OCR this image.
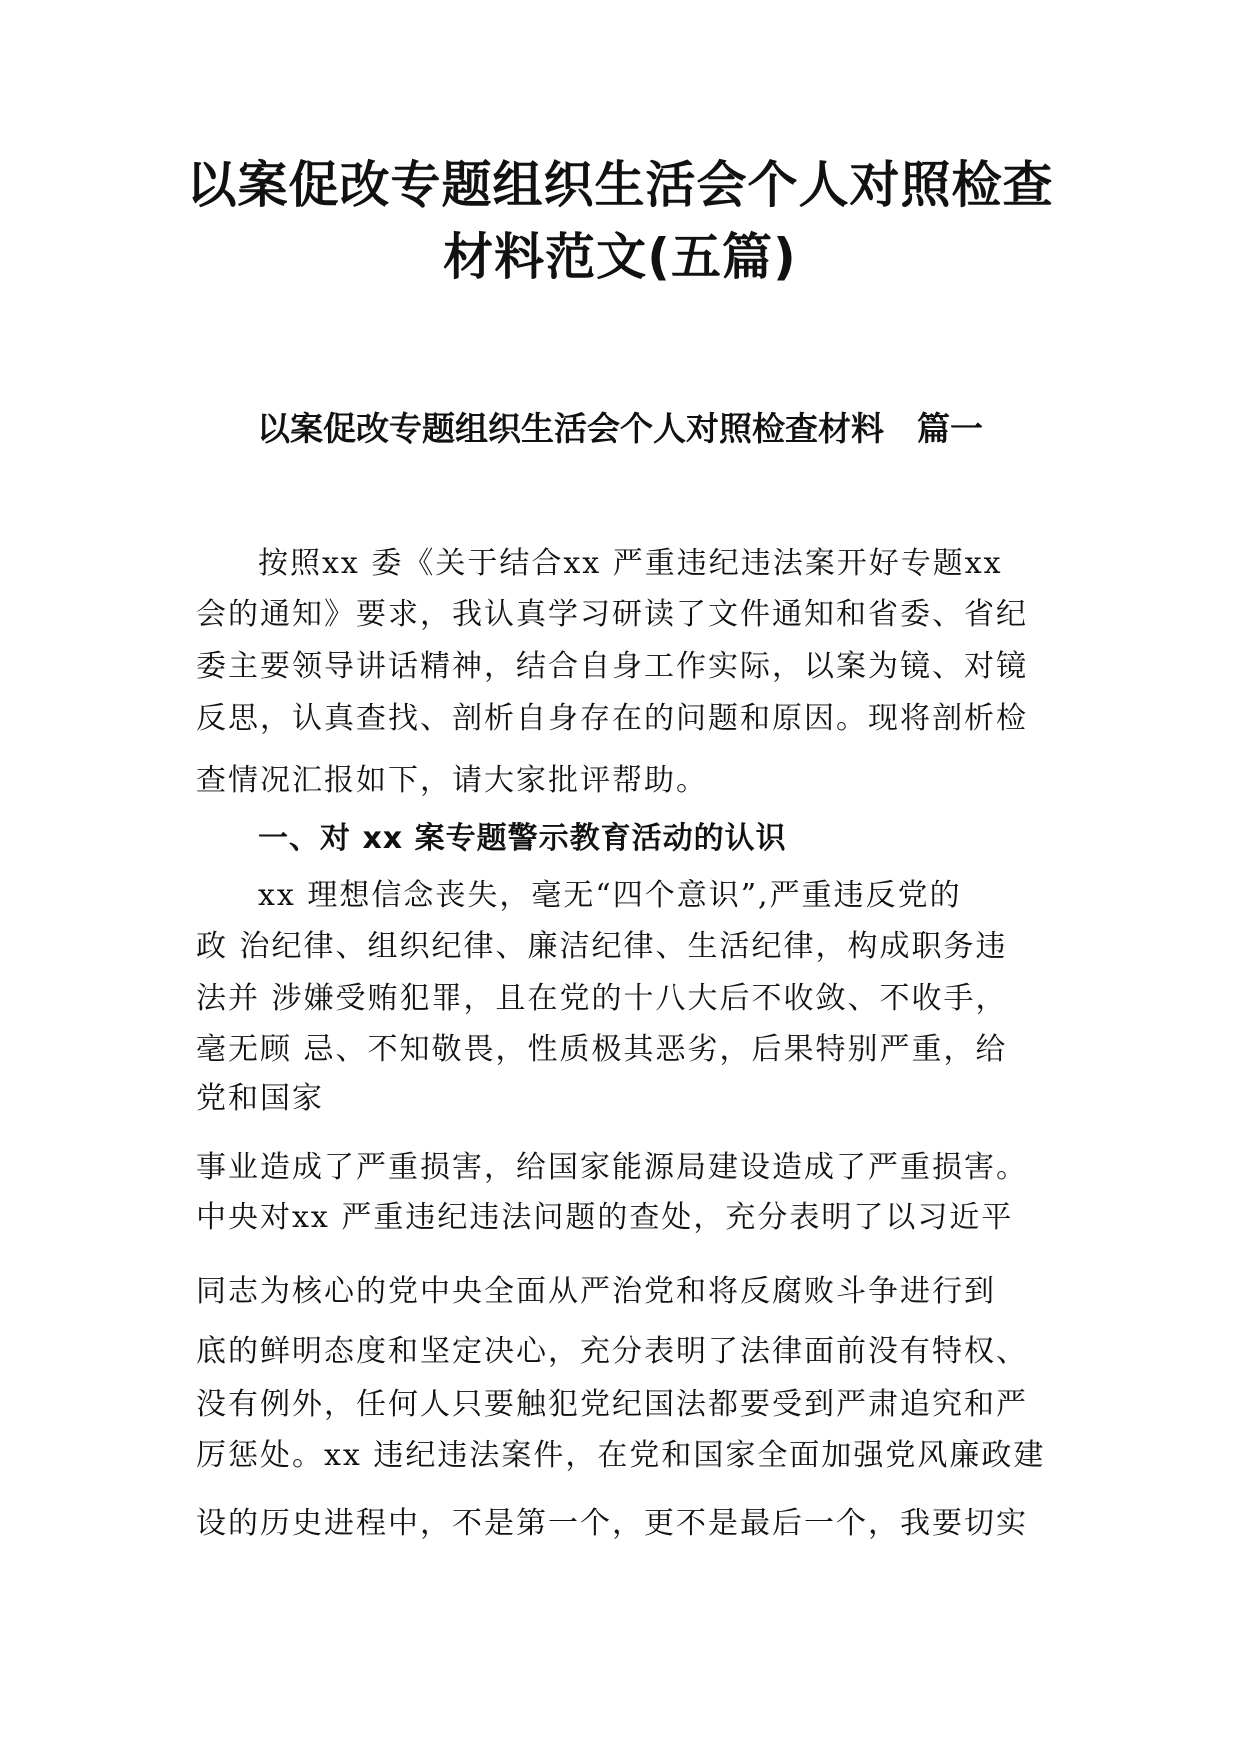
以案促改专题组织生活会个人对照检查
材料范文(五篇)
以案促改专题组织生活会个人对照检查材料　篇一

按照xx 委《关于结合xx 严重违纪违法案开好专题xx

会的通知》要求，我认真学习研读了文件通知和省委、省纪

委主要领导讲话精神，结合自身工作实际，以案为镜、对镜

反思，认真查找、剖析自身存在的问题和原因。现将剖析检

查情况汇报如下，请大家批评帮助。

一、对 xx 案专题警示教育活动的认识

xx 理想信念丧失，毫无“四个意识”,严重违反党的

政 治纪律、组织纪律、廉洁纪律、生活纪律，构成职务违

法并 涉嫌受贿犯罪，且在党的十八大后不收敛、不收手，

毫无顾 忌、不知敬畏，性质极其恶劣，后果特别严重，给

党和国家

事业造成了严重损害，给国家能源局建设造成了严重损害。

中央对xx 严重违纪违法问题的查处，充分表明了以习近平

同志为核心的党中央全面从严治党和将反腐败斗争进行到

底的鲜明态度和坚定决心，充分表明了法律面前没有特权、

没有例外，任何人只要触犯党纪国法都要受到严肃追究和严

厉惩处。xx 违纪违法案件，在党和国家全面加强党风廉政建

设的历史进程中，不是第一个，更不是最后一个，我要切实
